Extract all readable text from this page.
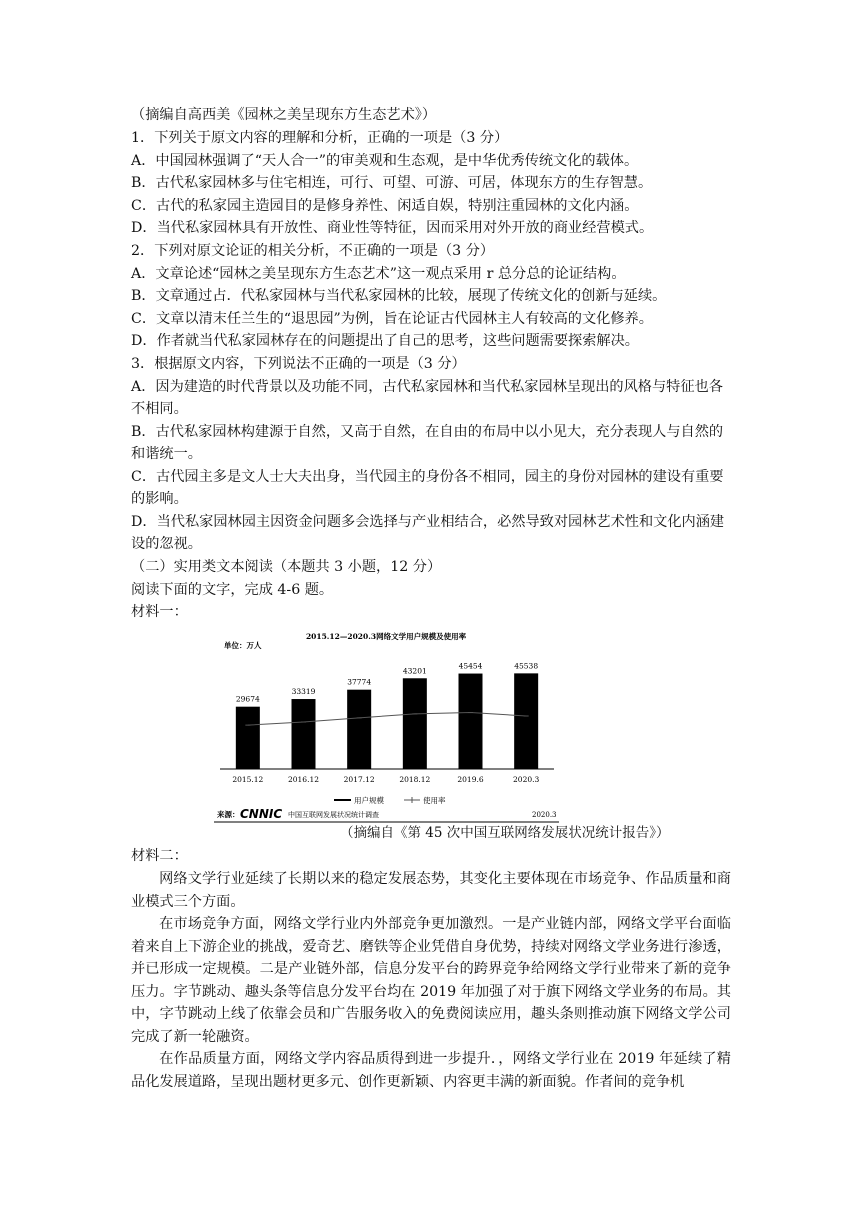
（摘编自高西美《园林之美呈现东方生态艺术》）
1．下列关于原文内容的理解和分析，正确的一项是（3 分）
A．中国园林强调了“天人合一”的审美观和生态观，是中华优秀传统文化的载体。
B．古代私家园林多与住宅相连，可行、可望、可游、可居，体现东方的生存智慧。
C．古代的私家园主造园目的是修身养性、闲适自娱，特别注重园林的文化内涵。
D．当代私家园林具有开放性、商业性等特征，因而采用对外开放的商业经营模式。
2．下列对原文论证的相关分析，不正确的一项是（3 分）
A．文章论述“园林之美呈现东方生态艺术”这一观点采用 r 总分总的论证结构。
B．文章通过占．代私家园林与当代私家园林的比较，展现了传统文化的创新与延续。
C．文章以清末任兰生的“退思园”为例，旨在论证古代园林主人有较高的文化修养。
D．作者就当代私家园林存在的问题提出了自己的思考，这些问题需要探索解决。
3．根据原文内容，下列说法不正确的一项是（3 分）
A．因为建造的时代背景以及功能不同，古代私家园林和当代私家园林呈现出的风格与特征也各不相同。
B．古代私家园林构建源于自然，又高于自然，在自由的布局中以小见大，充分表现人与自然的和谐统一。
C．古代园主多是文人士大夫出身，当代园主的身份各不相同，园主的身份对园林的建设有重要的影响。
D．当代私家园林园主因资金问题多会选择与产业相结合，必然导致对园林艺术性和文化内涵建设的忽视。
（二）实用类文本阅读（本题共 3 小题，12 分）
阅读下面的文字，完成 4-6 题。
材料一：
2015.12—2020.3网络文学用户规模及使用率
单位：万人
29674
2015.12
33319
2016.12
37774
2017.12
43201
2018.12
45454
2019.6
45538
2020.3
用户规模	使用率
来源： CNNIC 中国互联网发展状况统计调查	2020.3
（摘编自《第 45 次中国互联网络发展状况统计报告》）
材料二：
网络文学行业延续了长期以来的稳定发展态势，其变化主要体现在市场竞争、作品质量和商业模式三个方面。
在市场竞争方面，网络文学行业内外部竞争更加激烈。一是产业链内部，网络文学平台面临着来自上下游企业的挑战，爱奇艺、磨铁等企业凭借自身优势，持续对网络文学业务进行渗透，并已形成一定规模。二是产业链外部，信息分发平台的跨界竞争给网络文学行业带来了新的竞争压力。字节跳动、趣头条等信息分发平台均在 2019 年加强了对于旗下网络文学业务的布局。其中，字节跳动上线了依靠会员和广告服务收入的免费阅读应用，趣头条则推动旗下网络文学公司完成了新一轮融资。
在作品质量方面，网络文学内容品质得到进一步提升．，网络文学行业在 2019 年延续了精品化发展道路，呈现出题材更多元、创作更新颖、内容更丰满的新面貌。作者间的竞争机
